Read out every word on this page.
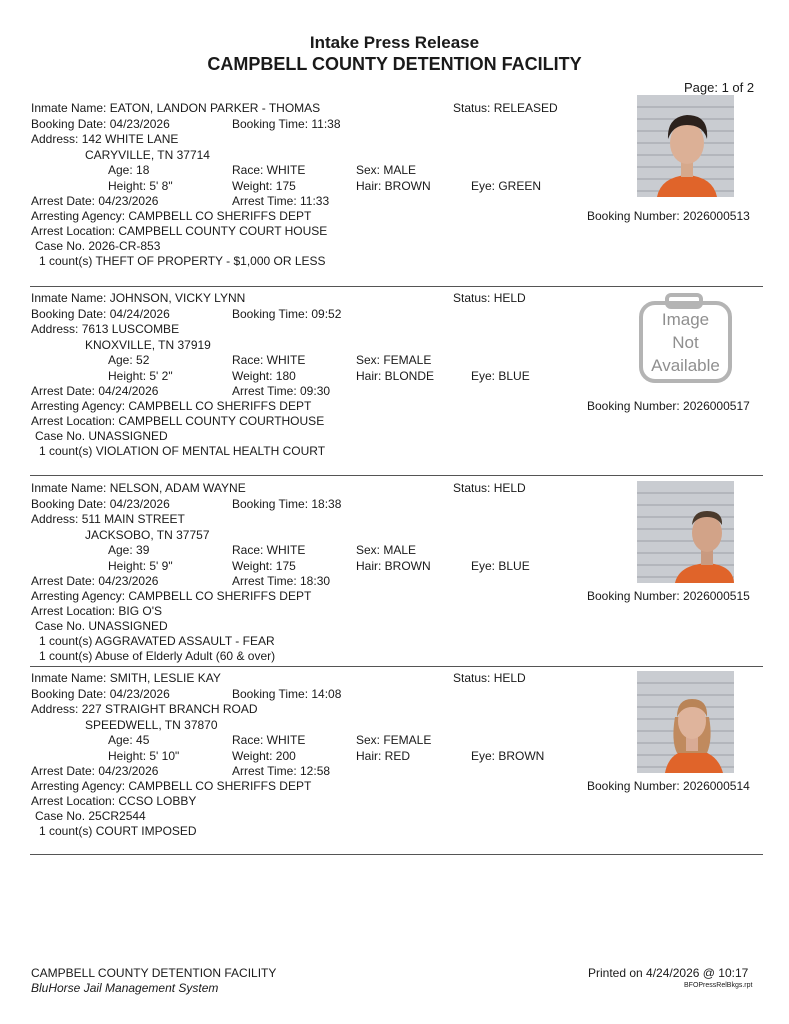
Intake Press Release
CAMPBELL COUNTY DETENTION FACILITY
Page: 1 of 2
Inmate Name: EATON, LANDON PARKER - THOMAS	Status: RELEASED
Booking Date: 04/23/2026	Booking Time: 11:38
Address: 142 WHITE LANE
CARYVILLE, TN 37714
Age: 18	Race: WHITE	Sex: MALE
Height: 5' 8"	Weight: 175	Hair: BROWN	Eye: GREEN
Arrest Date: 04/23/2026	Arrest Time: 11:33
Arresting Agency: CAMPBELL CO SHERIFFS DEPT
Arrest Location: CAMPBELL COUNTY COURT HOUSE
Case No. 2026-CR-853
1 count(s) THEFT OF PROPERTY - $1,000 OR LESS
Booking Number: 2026000513
Inmate Name: JOHNSON, VICKY LYNN	Status: HELD
Booking Date: 04/24/2026	Booking Time: 09:52
Address: 7613 LUSCOMBE
KNOXVILLE, TN 37919
Age: 52	Race: WHITE	Sex: FEMALE
Height: 5' 2"	Weight: 180	Hair: BLONDE	Eye: BLUE
Arrest Date: 04/24/2026	Arrest Time: 09:30
Arresting Agency: CAMPBELL CO SHERIFFS DEPT
Arrest Location: CAMPBELL COUNTY COURTHOUSE
Case No. UNASSIGNED
1 count(s) VIOLATION OF MENTAL HEALTH COURT
Booking Number: 2026000517
Image
Not
Available
Inmate Name: NELSON, ADAM WAYNE	Status: HELD
Booking Date: 04/23/2026	Booking Time: 18:38
Address: 511 MAIN STREET
JACKSOBO, TN 37757
Age: 39	Race: WHITE	Sex: MALE
Height: 5' 9"	Weight: 175	Hair: BROWN	Eye: BLUE
Arrest Date: 04/23/2026	Arrest Time: 18:30
Arresting Agency: CAMPBELL CO SHERIFFS DEPT
Arrest Location: BIG O'S
Case No. UNASSIGNED
1 count(s) AGGRAVATED ASSAULT - FEAR
1 count(s) Abuse of Elderly Adult (60 & over)
Booking Number: 2026000515
Inmate Name: SMITH, LESLIE KAY	Status: HELD
Booking Date: 04/23/2026	Booking Time: 14:08
Address: 227 STRAIGHT BRANCH ROAD
SPEEDWELL, TN 37870
Age: 45	Race: WHITE	Sex: FEMALE
Height: 5' 10"	Weight: 200	Hair: RED	Eye: BROWN
Arrest Date: 04/23/2026	Arrest Time: 12:58
Arresting Agency: CAMPBELL CO SHERIFFS DEPT
Arrest Location: CCSO LOBBY
Case No. 25CR2544
1 count(s) COURT IMPOSED
Booking Number: 2026000514
CAMPBELL COUNTY DETENTION FACILITY
BluHorse Jail Management System
Printed on 4/24/2026 @ 10:17
BFOPressRelBkgs.rpt
